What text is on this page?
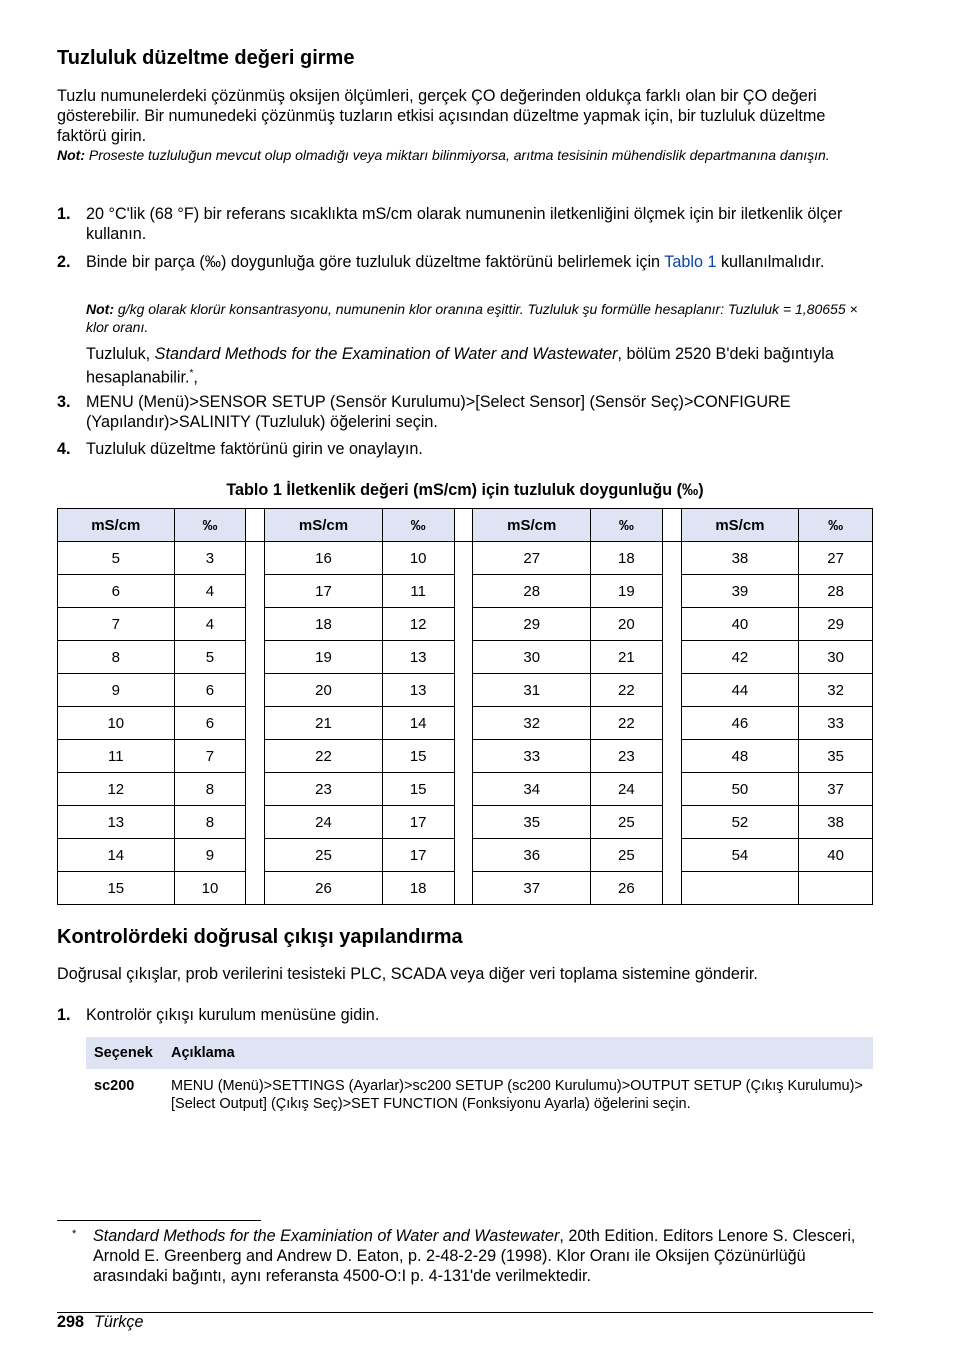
Tuzluluk düzeltme değeri girme
Tuzlu numunelerdeki çözünmüş oksijen ölçümleri, gerçek ÇO değerinden oldukça farklı olan bir ÇO değeri gösterebilir. Bir numunedeki çözünmüş tuzların etkisi açısından düzeltme yapmak için, bir tuzluluk düzeltme faktörü girin.
Not: Proseste tuzluluğun mevcut olup olmadığı veya miktarı bilinmiyorsa, arıtma tesisinin mühendislik departmanına danışın.
1. 20 °C'lik (68 °F) bir referans sıcaklıkta mS/cm olarak numunenin iletkenliğini ölçmek için bir iletkenlik ölçer kullanın.
2. Binde bir parça (‰) doygunluğa göre tuzluluk düzeltme faktörünü belirlemek için Tablo 1 kullanılmalıdır.
Not: g/kg olarak klorür konsantrasyonu, numunenin klor oranına eşittir. Tuzluluk şu formülle hesaplanır: Tuzluluk = 1,80655 × klor oranı.
Tuzluluk, Standard Methods for the Examination of Water and Wastewater, bölüm 2520 B'deki bağıntıyla hesaplanabilir.*,
3. MENU (Menü)>SENSOR SETUP (Sensör Kurulumu)>[Select Sensor] (Sensör Seç)>CONFIGURE (Yapılandır)>SALINITY (Tuzluluk) öğelerini seçin.
4. Tuzluluk düzeltme faktörünü girin ve onaylayın.
Tablo 1 İletkenlik değeri (mS/cm) için tuzluluk doygunluğu (‰)
mS/cm	‰		mS/cm	‰		mS/cm	‰		mS/cm	‰
5	3		16	10		27	18		38	27
6	4		17	11		28	19		39	28
7	4		18	12		29	20		40	29
8	5		19	13		30	21		42	30
9	6		20	13		31	22		44	32
10	6		21	14		32	22		46	33
11	7		22	15		33	23		48	35
12	8		23	15		34	24		50	37
13	8		24	17		35	25		52	38
14	9		25	17		36	25		54	40
15	10		26	18		37	26			
Kontrolördeki doğrusal çıkışı yapılandırma
Doğrusal çıkışlar, prob verilerini tesisteki PLC, SCADA veya diğer veri toplama sistemine gönderir.
1. Kontrolör çıkışı kurulum menüsüne gidin.
Seçenek	Açıklama
sc200	MENU (Menü)>SETTINGS (Ayarlar)>sc200 SETUP (sc200 Kurulumu)>OUTPUT SETUP (Çıkış Kurulumu)>[Select Output] (Çıkış Seç)>SET FUNCTION (Fonksiyonu Ayarla) öğelerini seçin.
* Standard Methods for the Examiniation of Water and Wastewater, 20th Edition. Editors Lenore S. Clesceri, Arnold E. Greenberg and Andrew D. Eaton, p. 2-48-2-29 (1998). Klor Oranı ile Oksijen Çözünürlüğü arasındaki bağıntı, aynı referansta 4500-O:I p. 4-131'de verilmektedir.
298 Türkçe
